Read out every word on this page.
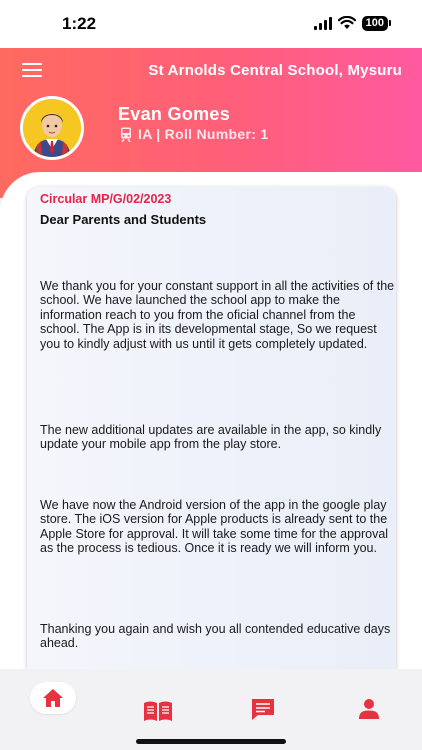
1:22	100
St Arnolds Central School, Mysuru
Evan Gomes
IA | Roll Number: 1
Circular MP/G/02/2023
Dear Parents and Students
We thank you for your constant support in all the activities of the school. We have launched the school app to make the information reach to you from the oficial channel from the school. The App is in its developmental stage, So we request you to kindly adjust with us until it gets completely updated.
The new additional updates are available in the app, so kindly update your mobile app from the play store.
We have now the Android version of the app in the google play store. The iOS version for Apple products is already sent to the Apple Store for approval. It will take some time for the approval as the process is tedious. Once it is ready we will inform you.
Thanking you again and wish you all contended educative days ahead.
